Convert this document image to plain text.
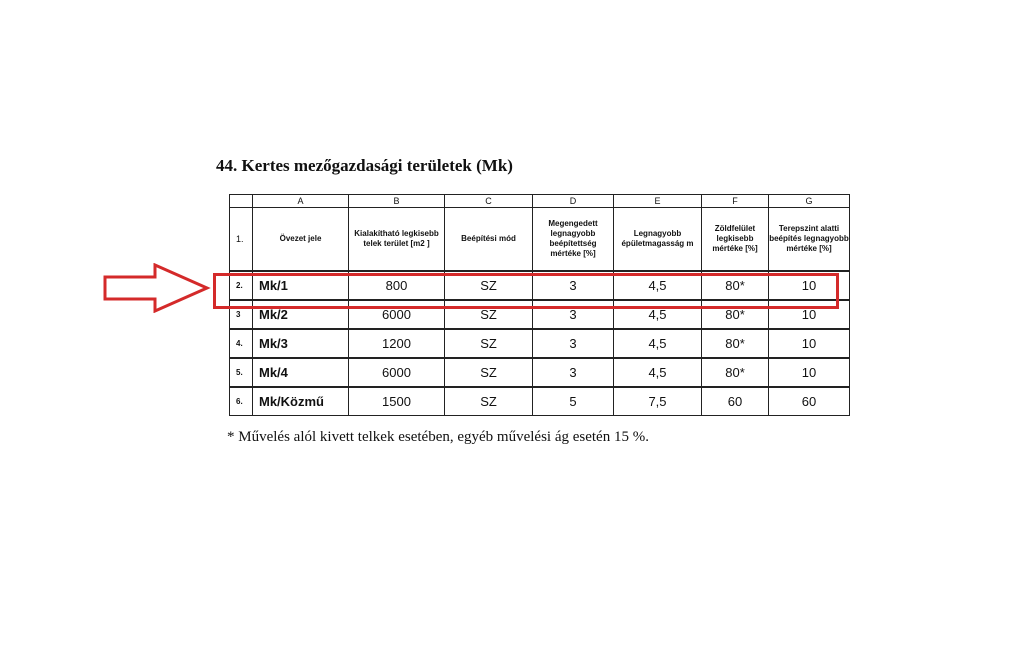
44. Kertes mezőgazdasági területek (Mk)
	A	B	C	D	E	F	G
1.	Övezet jele	Kialakítható legkisebb telek terület [m2 ]	Beépítési mód	Megengedett legnagyobb beépítettség mértéke [%]	Legnagyobb épületmagasság m	Zöldfelület legkisebb mértéke [%]	Terepszint alatti beépítés legnagyobb mértéke [%]
2.	Mk/1	800	SZ	3	4,5	80*	10
3	Mk/2	6000	SZ	3	4,5	80*	10
4.	Mk/3	1200	SZ	3	4,5	80*	10
5.	Mk/4	6000	SZ	3	4,5	80*	10
6.	Mk/Közmű	1500	SZ	5	7,5	60	60
* Művelés alól kivett telkek esetében, egyéb művelési ág esetén 15 %.
